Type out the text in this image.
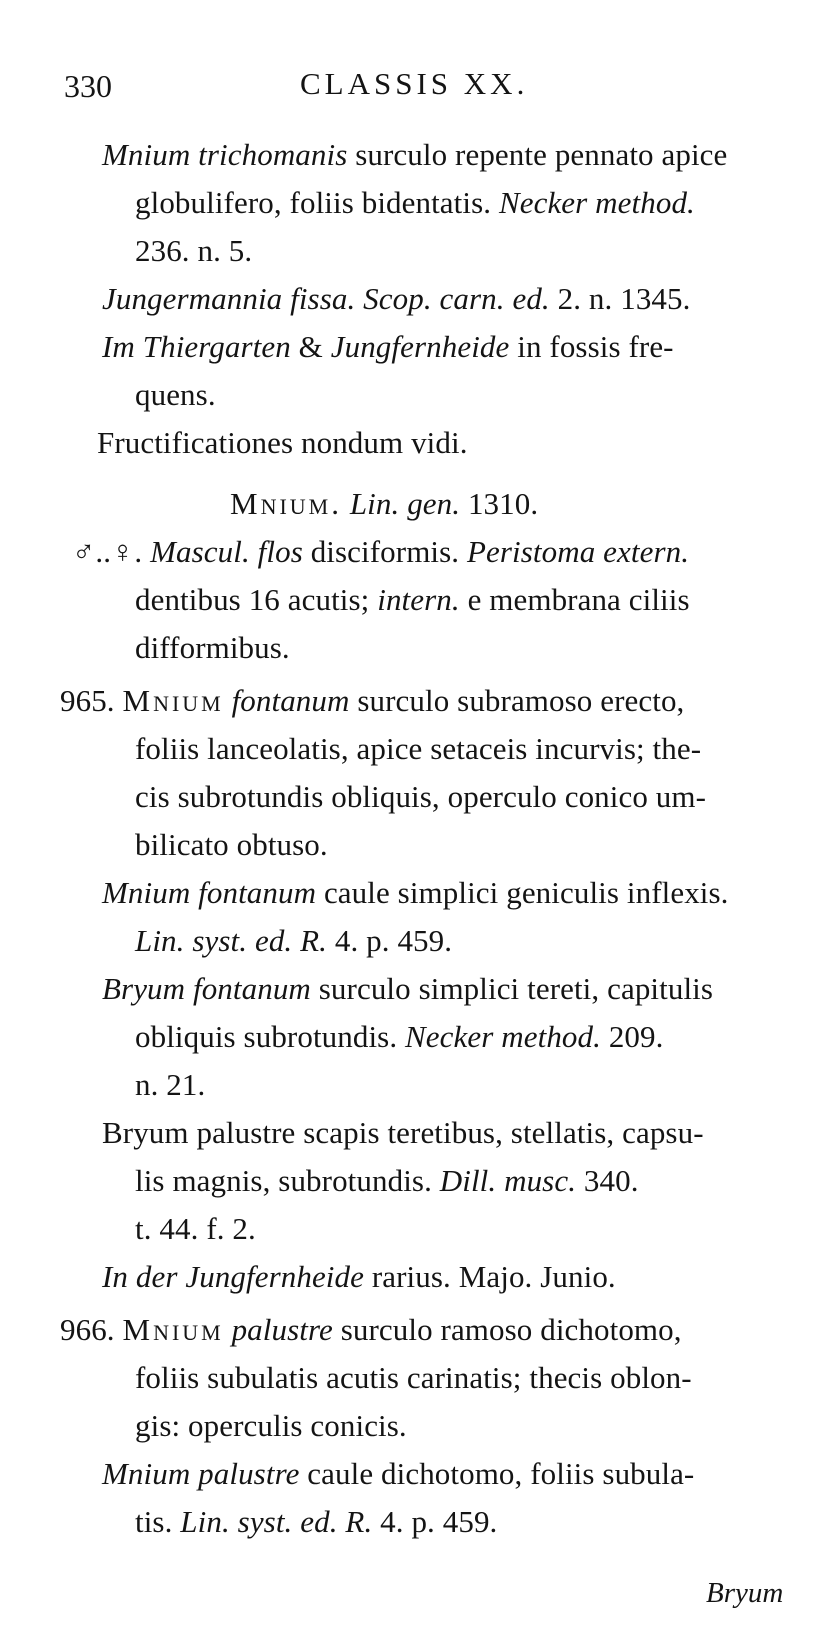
330	CLASSIS XX.
Mnium trichomanis surculo repente pennato apice
globulifero, foliis bidentatis. Necker method.
236. n. 5.
Jungermannia fissa. Scop. carn. ed. 2. n. 1345.
Im Thiergarten & Jungfernheide in fossis fre-
quens.
Fructificationes nondum vidi.
Mnium. Lin. gen. 1310.
♂..♀. Mascul. flos disciformis. Peristoma extern.
dentibus 16 acutis; intern. e membrana ciliis
difformibus.
965. Mnium fontanum surculo subramoso erecto,
foliis lanceolatis, apice setaceis incurvis; the-
cis subrotundis obliquis, operculo conico um-
bilicato obtuso.
Mnium fontanum caule simplici geniculis inflexis.
Lin. syst. ed. R. 4. p. 459.
Bryum fontanum surculo simplici tereti, capitulis
obliquis subrotundis. Necker method. 209.
n. 21.
Bryum palustre scapis teretibus, stellatis, capsu-
lis magnis, subrotundis. Dill. musc. 340.
t. 44. f. 2.
In der Jungfernheide rarius. Majo. Junio.
966. Mnium palustre surculo ramoso dichotomo,
foliis subulatis acutis carinatis; thecis oblon-
gis: operculis conicis.
Mnium palustre caule dichotomo, foliis subula-
tis. Lin. syst. ed. R. 4. p. 459.
Bryum
